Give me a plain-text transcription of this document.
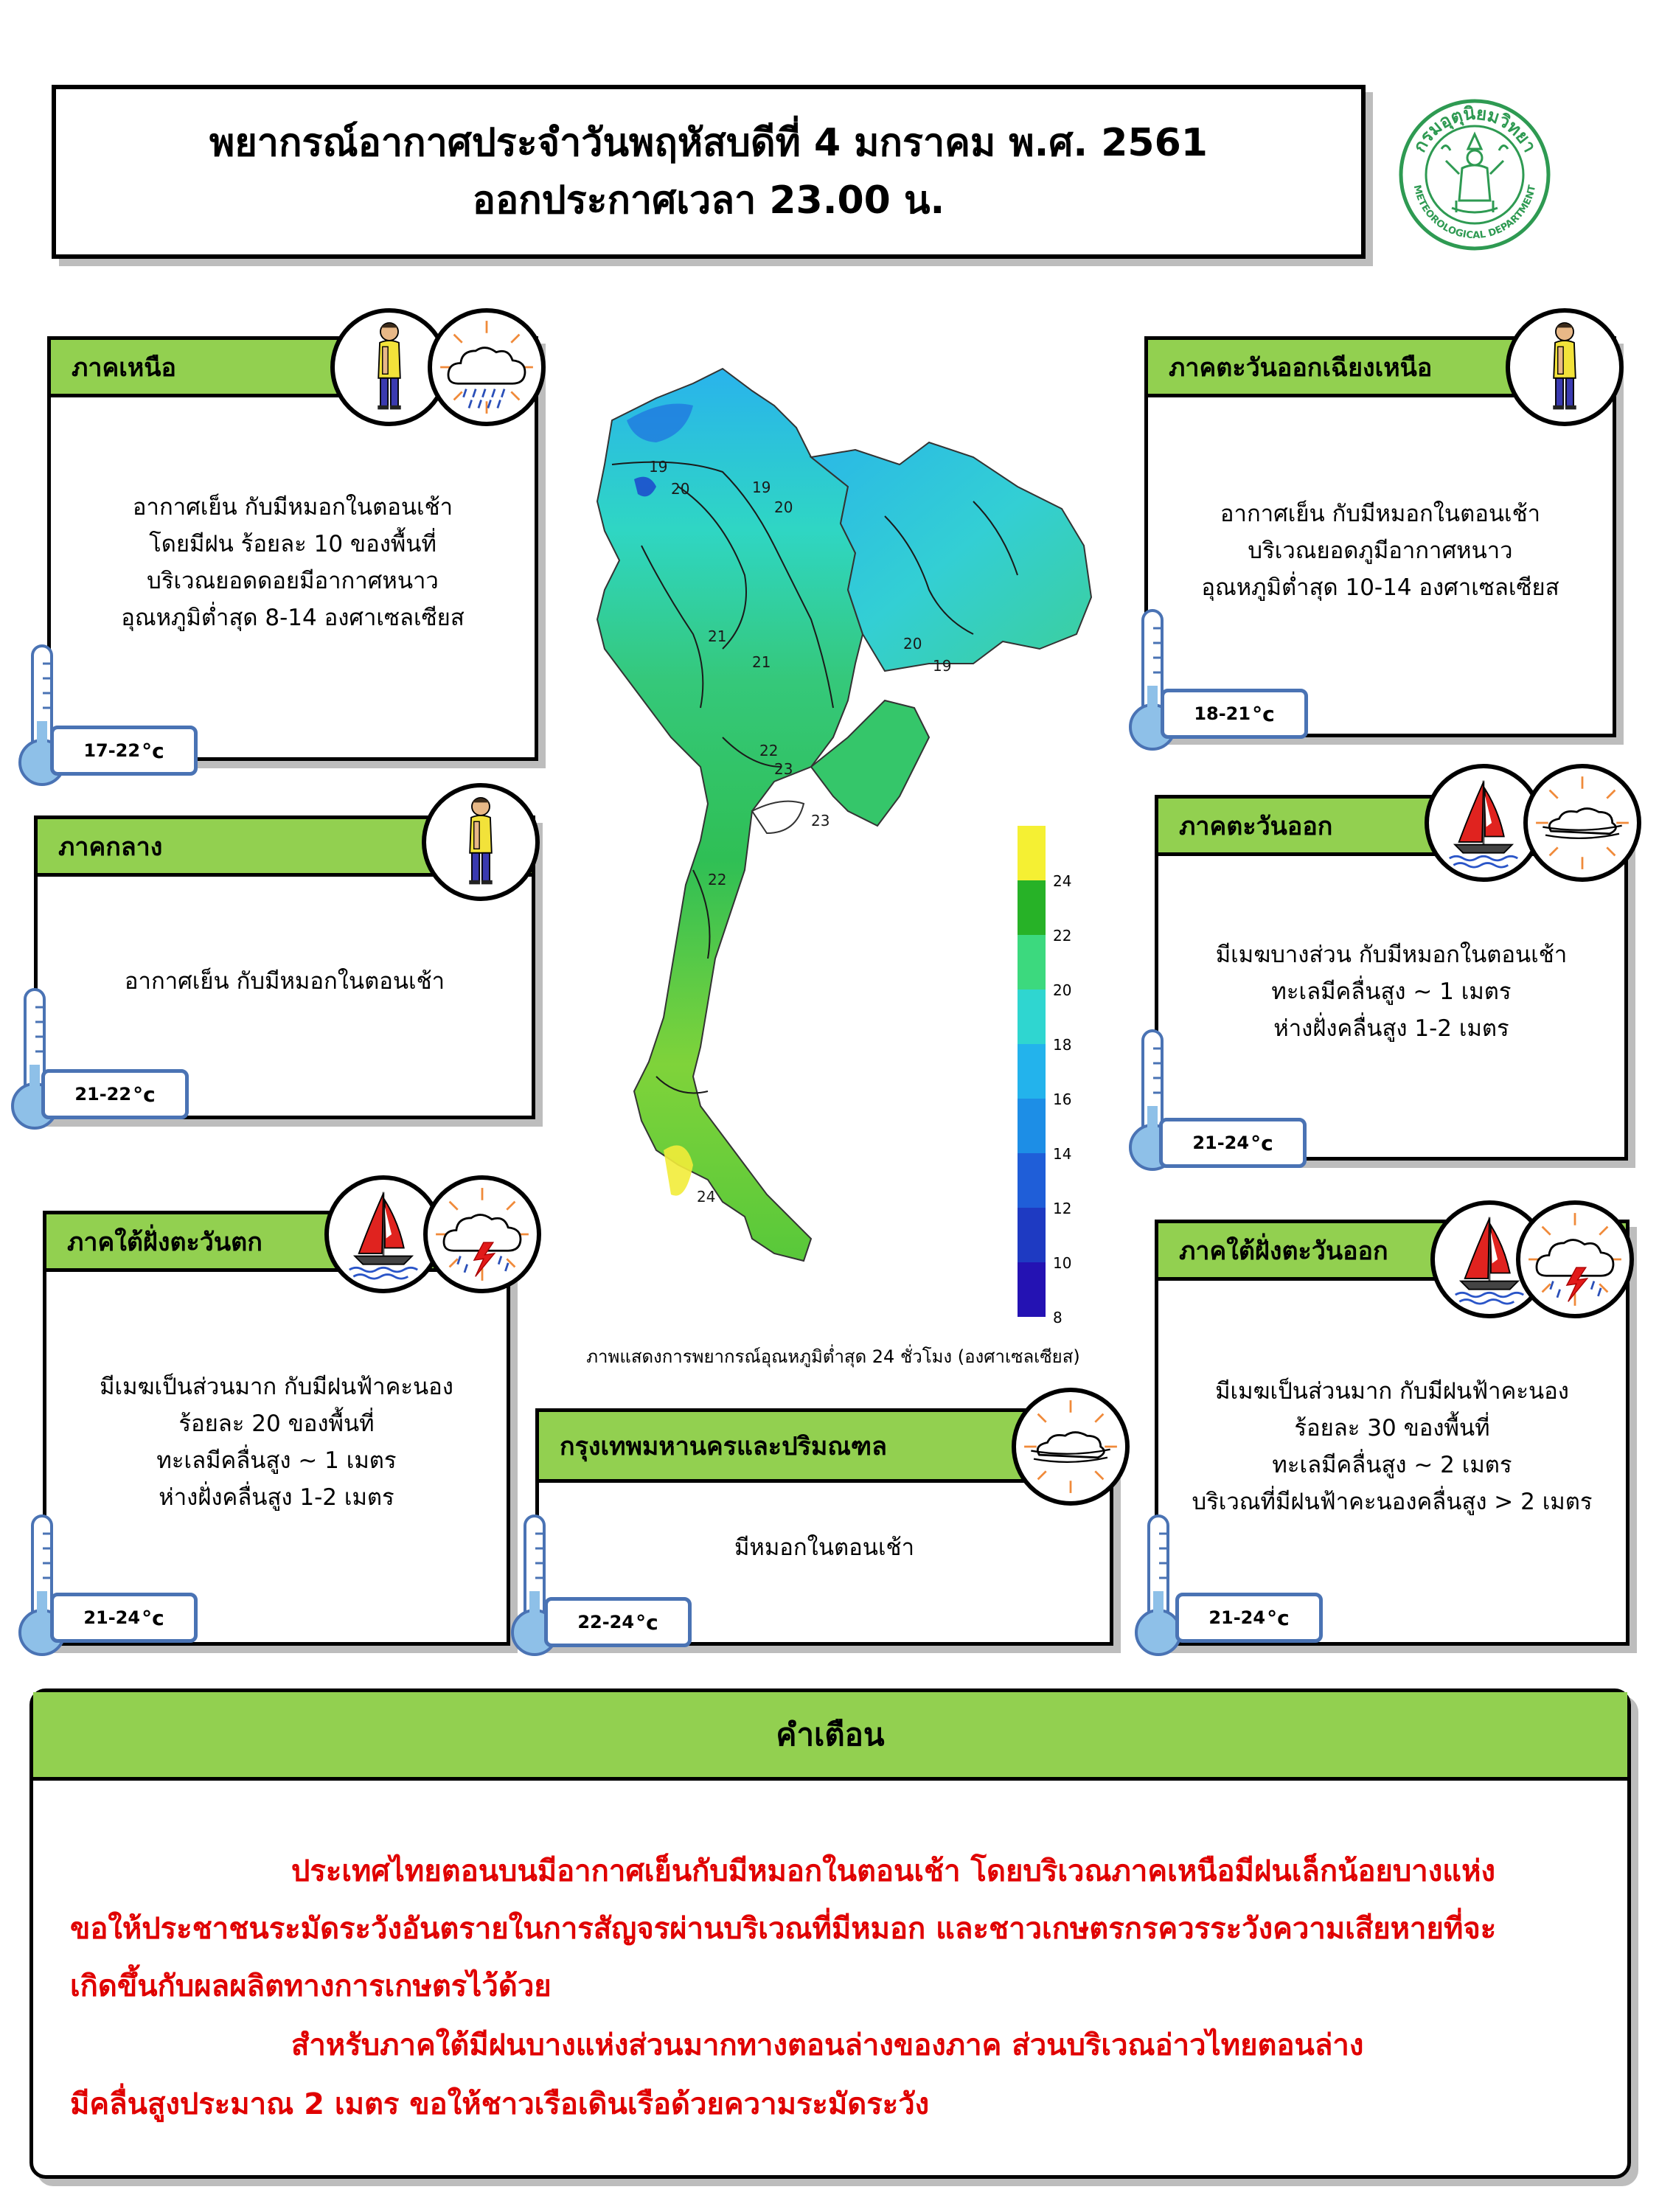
พยากรณ์อากาศประจำวันพฤหัสบดีที่ 4 มกราคม พ.ศ. 2561
ออกประกาศเวลา 23.00 น.
กรมอุตุนิยมวิทยา
METEOROLOGICAL DEPARTMENT
ภาคเหนือ
อากาศเย็น กับมีหมอกในตอนเช้า
โดยมีฝน ร้อยละ 10 ของพื้นที่
บริเวณยอดดอยมีอากาศหนาว
อุณหภูมิต่ำสุด 8-14 องศาเซลเซียส
17-22 °c
ภาคตะวันออกเฉียงเหนือ
อากาศเย็น กับมีหมอกในตอนเช้า
บริเวณยอดภูมีอากาศหนาว
อุณหภูมิต่ำสุด 10-14 องศาเซลเซียส
18-21 °c
ภาคกลาง
อากาศเย็น กับมีหมอกในตอนเช้า
21-22 °c
ภาคตะวันออก
มีเมฆบางส่วน กับมีหมอกในตอนเช้า
ทะเลมีคลื่นสูง ~ 1 เมตร
ห่างฝั่งคลื่นสูง 1-2 เมตร
21-24 °c
ภาคใต้ฝั่งตะวันตก
มีเมฆเป็นส่วนมาก กับมีฝนฟ้าคะนอง
ร้อยละ 20 ของพื้นที่
ทะเลมีคลื่นสูง ~ 1 เมตร
ห่างฝั่งคลื่นสูง 1-2 เมตร
21-24 °c
กรุงเทพมหานครและปริมณฑล
มีหมอกในตอนเช้า
22-24 °c
ภาคใต้ฝั่งตะวันออก
มีเมฆเป็นส่วนมาก กับมีฝนฟ้าคะนอง
ร้อยละ 30 ของพื้นที่
ทะเลมีคลื่นสูง ~ 2 เมตร
บริเวณที่มีฝนฟ้าคะนองคลื่นสูง > 2 เมตร
21-24 °c
19
20	19
20
21	20
19
21
22
23
23
22
24
24
22
20
18
16
14
12
10
8
ภาพแสดงการพยากรณ์อุณหภูมิต่ำสุด 24 ชั่วโมง (องศาเซลเซียส)
คำเตือน
ประเทศไทยตอนบนมีอากาศเย็นกับมีหมอกในตอนเช้า โดยบริเวณภาคเหนือมีฝนเล็กน้อยบางแห่ง
ขอให้ประชาชนระมัดระวังอันตรายในการสัญจรผ่านบริเวณที่มีหมอก และชาวเกษตรกรควรระวังความเสียหายที่จะ
เกิดขึ้นกับผลผลิตทางการเกษตรไว้ด้วย
สำหรับภาคใต้มีฝนบางแห่งส่วนมากทางตอนล่างของภาค ส่วนบริเวณอ่าวไทยตอนล่าง
มีคลื่นสูงประมาณ 2 เมตร ขอให้ชาวเรือเดินเรือด้วยความระมัดระวัง
